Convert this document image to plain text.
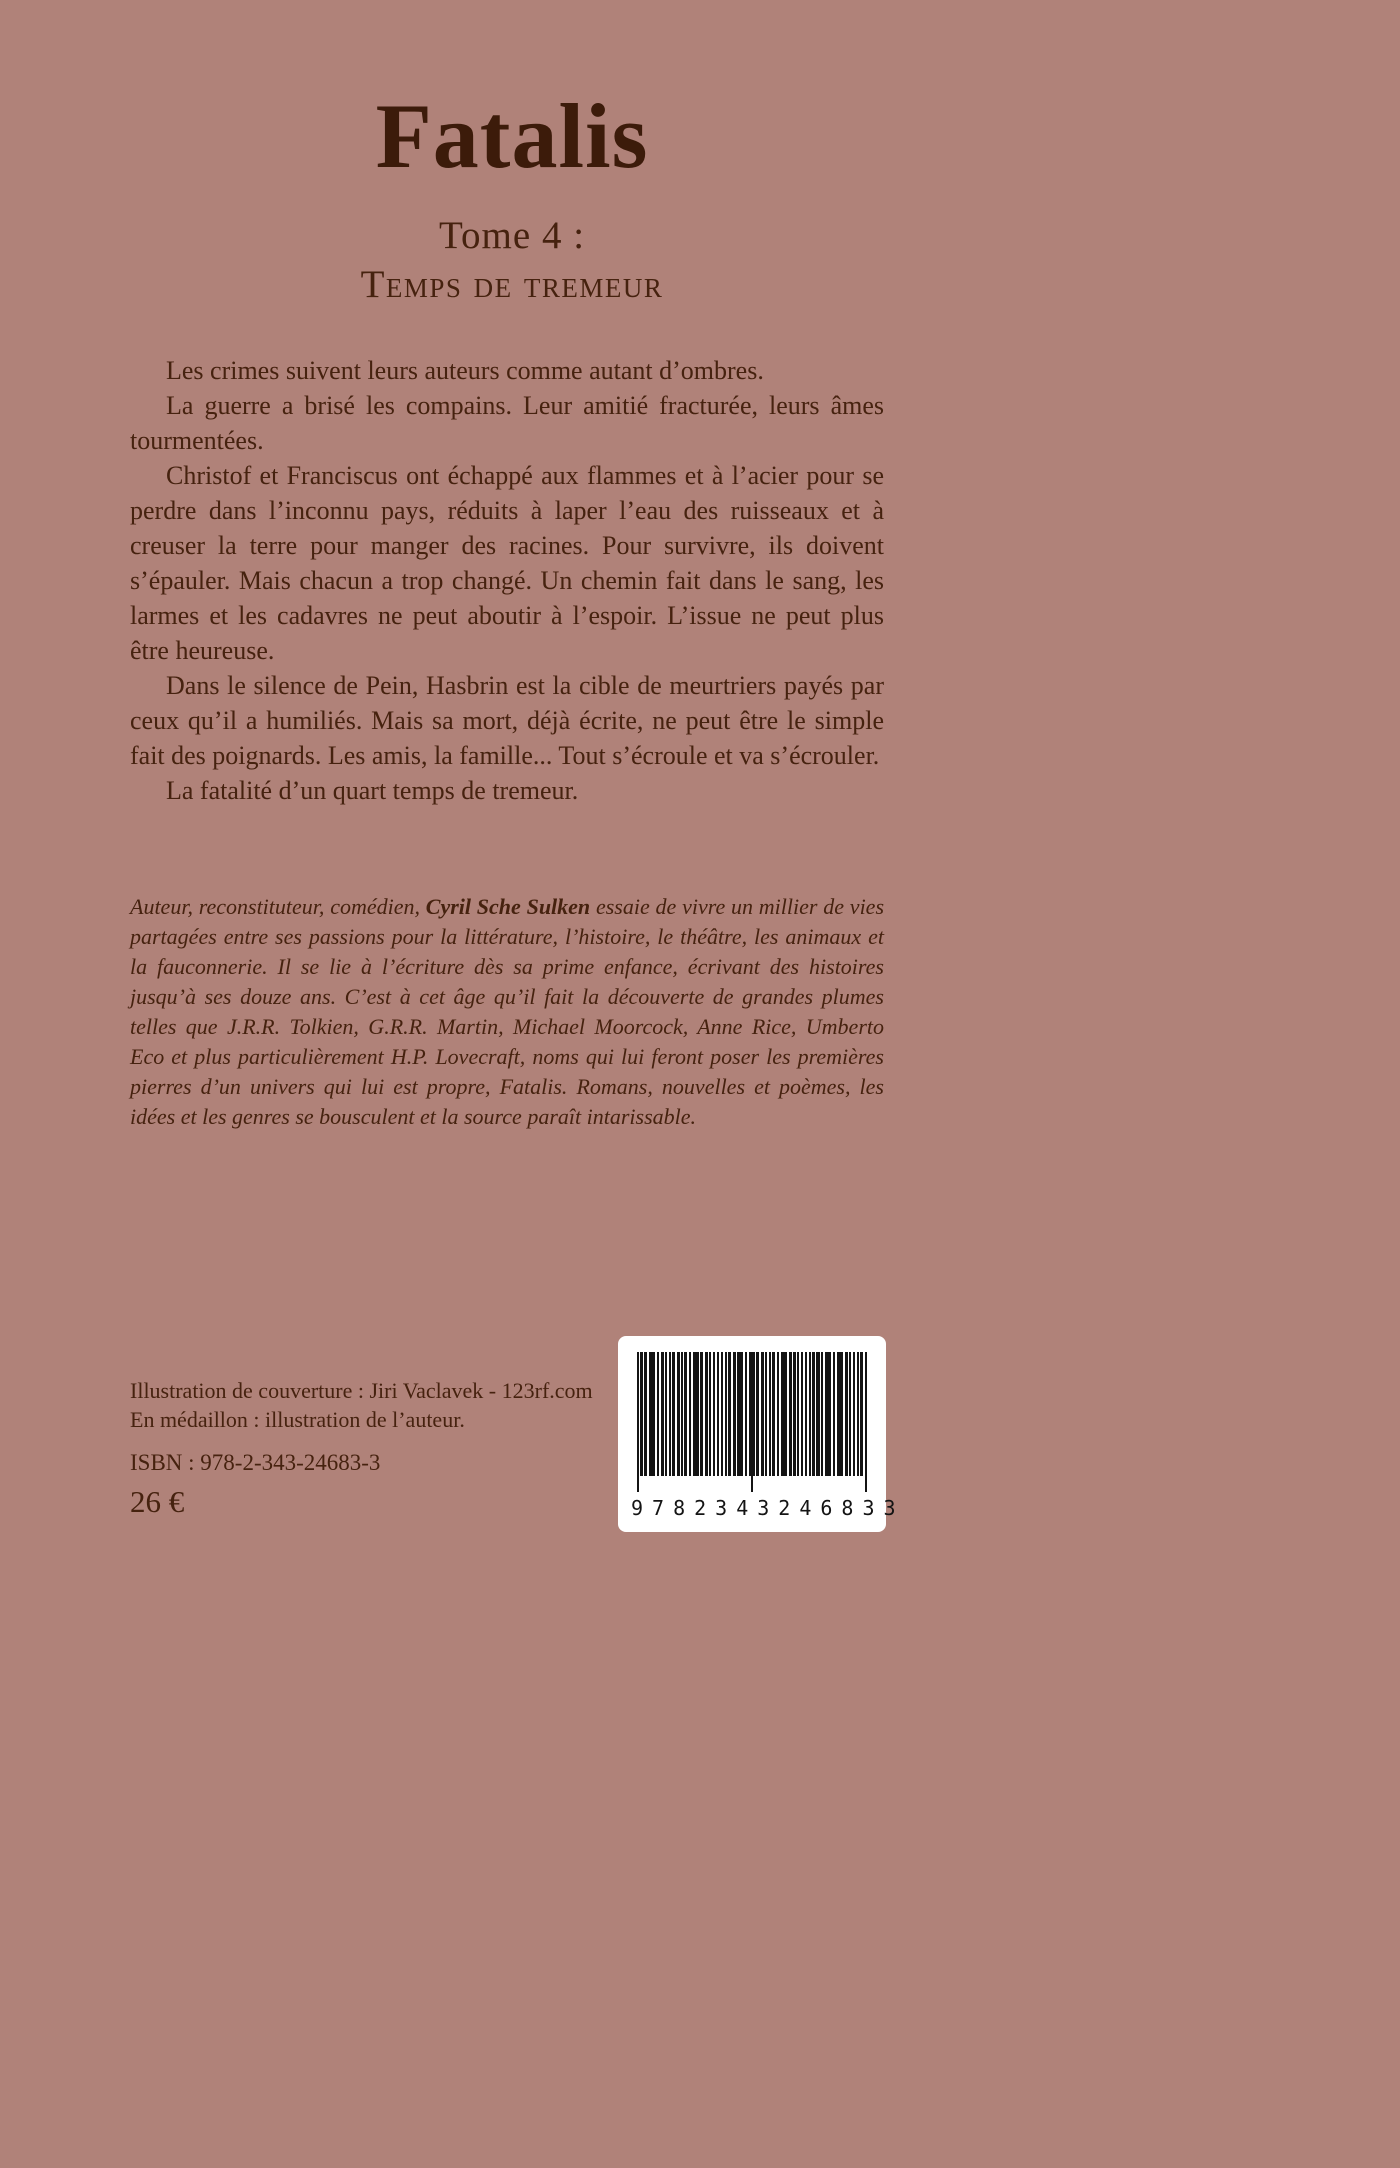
Fatalis
Tome 4 :
Temps de tremeur

Les crimes suivent leurs auteurs comme autant d’ombres.

La guerre a brisé les compains. Leur amitié fracturée, leurs âmes tourmentées.

Christof et Franciscus ont échappé aux flammes et à l’acier pour se perdre dans l’inconnu pays, réduits à laper l’eau des ruisseaux et à creuser la terre pour manger des racines. Pour survivre, ils doivent s’épauler. Mais chacun a trop changé. Un chemin fait dans le sang, les larmes et les cadavres ne peut aboutir à l’espoir. L’issue ne peut plus être heureuse.

Dans le silence de Pein, Hasbrin est la cible de meurtriers payés par ceux qu’il a humiliés. Mais sa mort, déjà écrite, ne peut être le simple fait des poignards. Les amis, la famille... Tout s’écroule et va s’écrouler.

La fatalité d’un quart temps de tremeur.

Auteur, reconstituteur, comédien, Cyril Sche Sulken essaie de vivre un millier de vies partagées entre ses passions pour la littérature, l’histoire, le théâtre, les animaux et la fauconnerie. Il se lie à l’écriture dès sa prime enfance, écrivant des histoires jusqu’à ses douze ans. C’est à cet âge qu’il fait la découverte de grandes plumes telles que J.R.R. Tolkien, G.R.R. Martin, Michael Moorcock, Anne Rice, Umberto Eco et plus particulièrement H.P. Lovecraft, noms qui lui feront poser les premières pierres d’un univers qui lui est propre, Fatalis. Romans, nouvelles et poèmes, les idées et les genres se bousculent et la source paraît intarissable.
Illustration de couverture : Jiri Vaclavek - 123rf.com
En médaillon : illustration de l’auteur.
ISBN : 978-2-343-24683-3
26 €	9782343246833
